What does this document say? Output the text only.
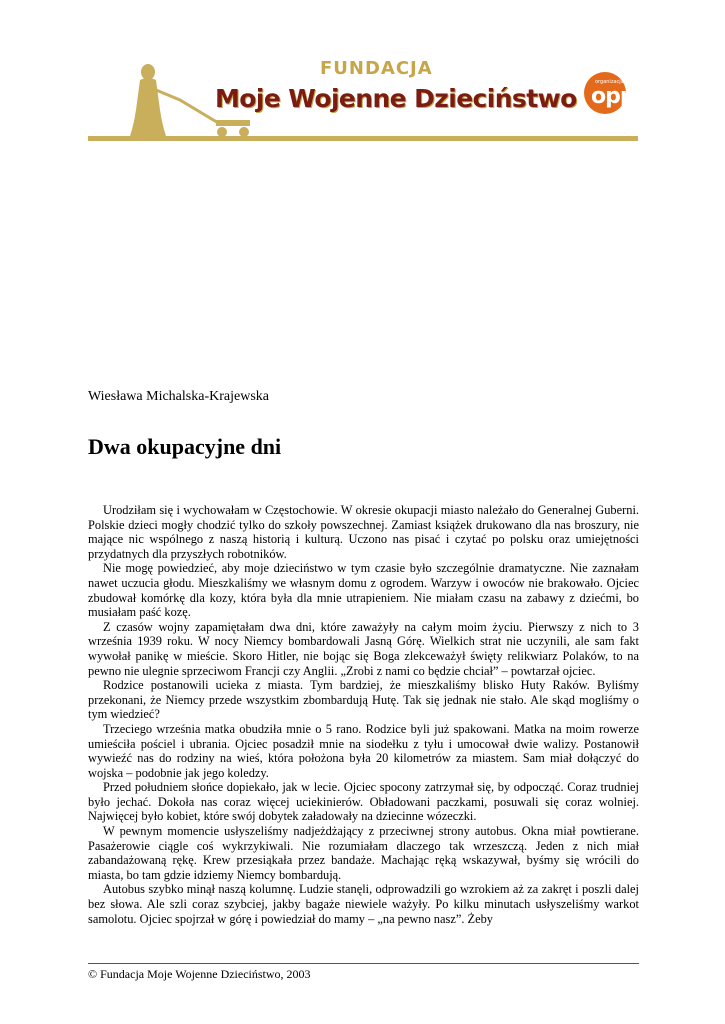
FUNDACJA
Moje Wojenne Dzieciństwo
organizacja
opp
Wiesława Michalska-Krajewska
Dwa okupacyjne dni

Urodziłam się i wychowałam w Częstochowie. W okresie okupacji miasto należało do Generalnej Guberni. Polskie dzieci mogły chodzić tylko do szkoły powszechnej. Zamiast książek drukowano dla nas broszury, nie mające nic wspólnego z naszą historią i kulturą. Uczono nas pisać i czytać po polsku oraz umiejętności przydatnych dla przyszłych robotników.

Nie mogę powiedzieć, aby moje dzieciństwo w tym czasie było szczególnie dramatyczne. Nie zaznałam nawet uczucia głodu. Mieszkaliśmy we własnym domu z ogrodem. Warzyw i owoców nie brakowało. Ojciec zbudował komórkę dla kozy, która była dla mnie utrapieniem. Nie miałam czasu na zabawy z dziećmi, bo musiałam paść kozę.

Z czasów wojny zapamiętałam dwa dni, które zaważyły na całym moim życiu. Pierwszy z nich to 3 września 1939 roku. W nocy Niemcy bombardowali Jasną Górę. Wielkich strat nie uczynili, ale sam fakt wywołał panikę w mieście. Skoro Hitler, nie bojąc się Boga zlekceważył święty relikwiarz Polaków, to na pewno nie ulegnie sprzeciwom Francji czy Anglii. „Zrobi z nami co będzie chciał” – powtarzał ojciec.

Rodzice postanowili ucieka z miasta. Tym bardziej, że mieszkaliśmy blisko Huty Raków. Byliśmy przekonani, że Niemcy przede wszystkim zbombardują Hutę. Tak się jednak nie stało. Ale skąd mogliśmy o tym wiedzieć?

Trzeciego września matka obudziła mnie o 5 rano. Rodzice byli już spakowani. Matka na moim rowerze umieściła pościel i ubrania. Ojciec posadził mnie na siodełku z tyłu i umocował dwie walizy. Postanowił wywieźć nas do rodziny na wieś, która położona była 20 kilometrów za miastem. Sam miał dołączyć do wojska – podobnie jak jego koledzy.

Przed południem słońce dopiekało, jak w lecie. Ojciec spocony zatrzymał się, by odpocząć. Coraz trudniej było jechać. Dokoła nas coraz więcej uciekinierów. Obładowani paczkami, posuwali się coraz wolniej. Najwięcej było kobiet, które swój dobytek załadowały na dziecinne wózeczki.

W pewnym momencie usłyszeliśmy nadjeżdżający z przeciwnej strony autobus. Okna miał powtierane. Pasażerowie ciągle coś wykrzykiwali. Nie rozumiałam dlaczego tak wrzeszczą. Jeden z nich miał zabandażowaną rękę. Krew przesiąkała przez bandaże. Machając ręką wskazywał, byśmy się wrócili do miasta, bo tam gdzie idziemy Niemcy bombardują.

Autobus szybko minął naszą kolumnę. Ludzie stanęli, odprowadzili go wzrokiem aż za zakręt i poszli dalej bez słowa. Ale szli coraz szybciej, jakby bagaże niewiele ważyły. Po kilku minutach usłyszeliśmy warkot samolotu. Ojciec spojrzał w górę i powiedział do mamy – „na pewno nasz”. Żeby

© Fundacja Moje Wojenne Dzieciństwo, 2003
